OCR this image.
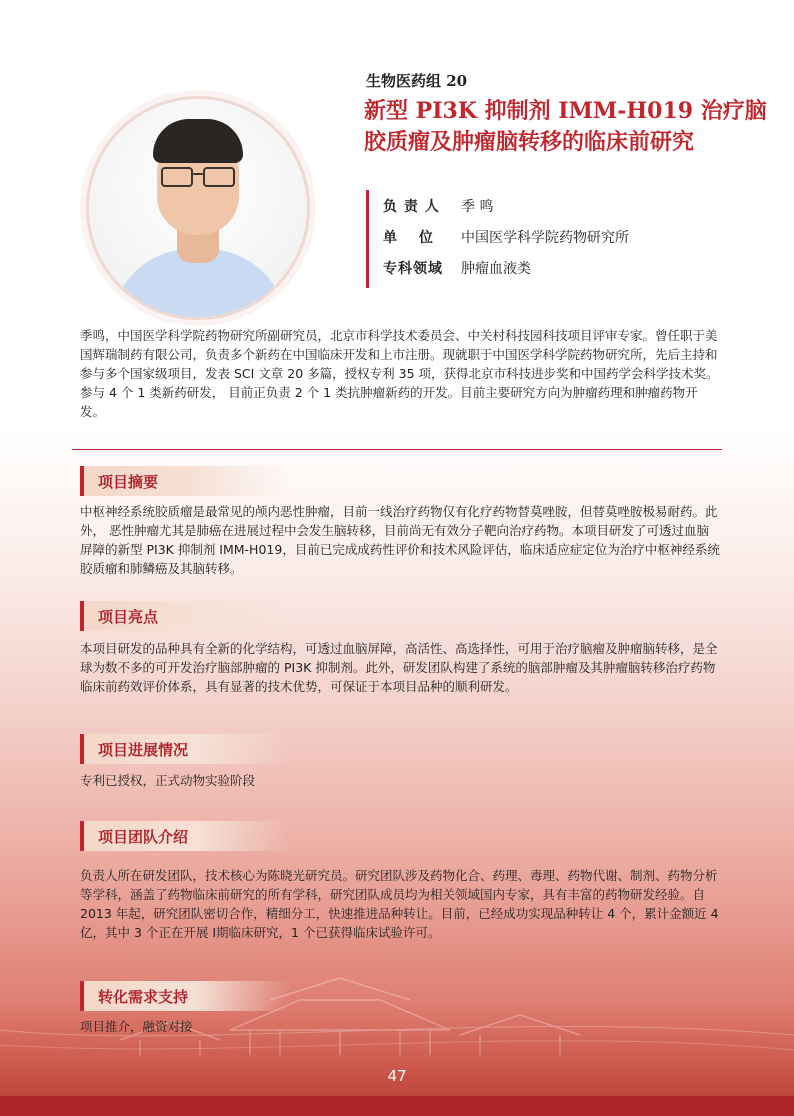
生物医药组 20
新型 PI3K 抑制剂 IMM-H019 治疗脑
胶质瘤及肿瘤脑转移的临床前研究
负 责 人	季 鸣
单　 位	中国医学科学院药物研究所
专科领域	肿瘤血液类
季鸣，中国医学科学院药物研究所副研究员，北京市科学技术委员会、中关村科技园科技项目评审专家。曾任职于美国辉瑞制药有限公司，负责多个新药在中国临床开发和上市注册。现就职于中国医学科学院药物研究所，先后主持和参与多个国家级项目，发表 SCI 文章 20 多篇，授权专利 35 项，获得北京市科技进步奖和中国药学会科学技术奖。参与 4 个 1 类新药研发， 目前正负责 2 个 1 类抗肿瘤新药的开发。目前主要研究方向为肿瘤药理和肿瘤药物开发。
项目摘要
中枢神经系统胶质瘤是最常见的颅内恶性肿瘤，目前一线治疗药物仅有化疗药物替莫唑胺，但替莫唑胺极易耐药。此外， 恶性肿瘤尤其是肺癌在进展过程中会发生脑转移，目前尚无有效分子靶向治疗药物。本项目研发了可透过血脑屏障的新型 PI3K 抑制剂 IMM-H019，目前已完成成药性评价和技术风险评估，临床适应症定位为治疗中枢神经系统胶质瘤和肺鳞癌及其脑转移。
项目亮点
本项目研发的品种具有全新的化学结构，可透过血脑屏障，高活性、高选择性，可用于治疗脑瘤及肿瘤脑转移，是全球为数不多的可开发治疗脑部肿瘤的 PI3K 抑制剂。此外，研发团队构建了系统的脑部肿瘤及其肿瘤脑转移治疗药物临床前药效评价体系，具有显著的技术优势，可保证于本项目品种的顺利研发。
项目进展情况
专利已授权，正式动物实验阶段
项目团队介绍
负责人所在研发团队，技术核心为陈晓光研究员。研究团队涉及药物化合、药理、毒理、药物代谢、制剂、药物分析等学科，涵盖了药物临床前研究的所有学科，研究团队成员均为相关领域国内专家，具有丰富的药物研发经验。自 2013 年起，研究团队密切合作，精细分工，快速推进品种转让。目前，已经成功实现品种转让 4 个，累计金额近 4 亿，其中 3 个正在开展 I期临床研究，1 个已获得临床试验许可。
转化需求支持
项目推介，融资对接
47
